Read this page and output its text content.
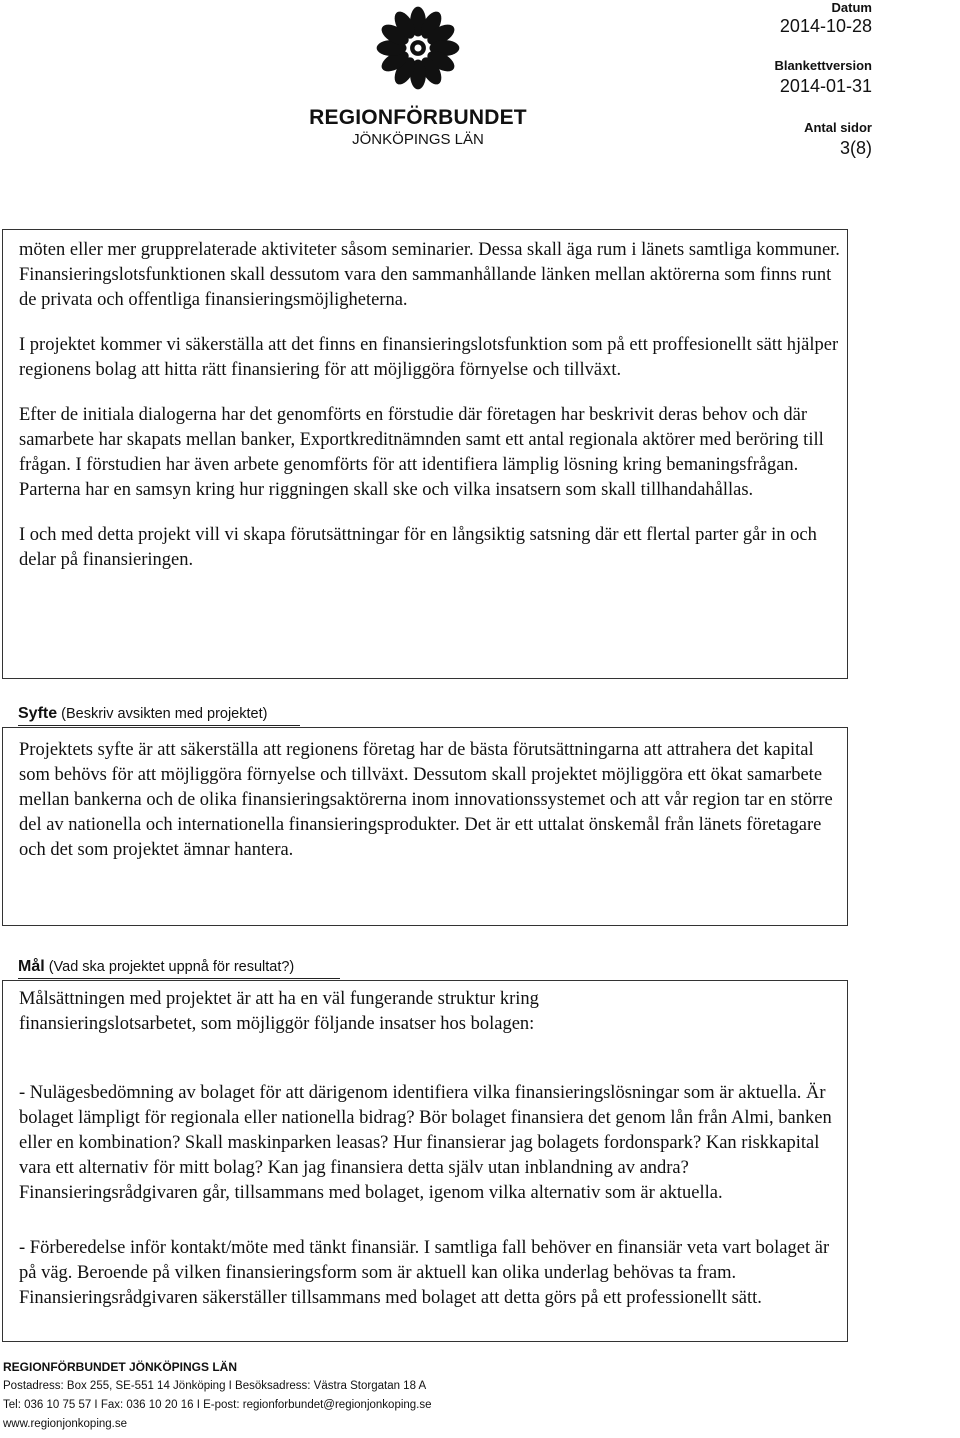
REGIONFÖRBUNDET
JÖNKÖPINGS LÄN
Datum
2014-10-28
Blankettversion
2014-01-31
Antal sidor
3(8)

möten eller mer grupprelaterade aktiviteter såsom seminarier. Dessa skall äga rum i länets samtliga kommuner. Finansieringslotsfunktionen skall dessutom vara den sammanhållande länken mellan aktörerna som finns runt de privata och offentliga finansieringsmöjligheterna.

I projektet kommer vi säkerställa att det finns en finansieringslotsfunktion som på ett proffesionellt sätt hjälper regionens bolag att hitta rätt finansiering för att möjliggöra förnyelse och tillväxt.

Efter de initiala dialogerna har det genomförts en förstudie där företagen har beskrivit deras behov och där samarbete har skapats mellan banker, Exportkreditnämnden samt ett antal regionala aktörer med beröring till frågan. I förstudien har även arbete genomförts för att identifiera lämplig lösning kring bemaningsfrågan. Parterna har en samsyn kring hur riggningen skall ske och vilka insatsern som skall tillhandahållas.

I och med detta projekt vill vi skapa förutsättningar för en långsiktig satsning där ett flertal parter går in och delar på finansieringen.

Syfte (Beskriv avsikten med projektet)

Projektets syfte är att säkerställa att regionens företag har de bästa förutsättningarna att attrahera det kapital som behövs för att möjliggöra förnyelse och tillväxt. Dessutom skall projektet möjliggöra ett ökat samarbete mellan bankerna och de olika finansieringsaktörerna inom innovationssystemet och att vår region tar en större del av nationella och internationella finansieringsprodukter. Det är ett uttalat önskemål från länets företagare och det som projektet ämnar hantera.

Mål (Vad ska projektet uppnå för resultat?)

Målsättningen med projektet är att ha en väl fungerande struktur kring finansieringslotsarbetet, som möjliggör följande insatser hos bolagen:

- Nulägesbedömning av bolaget för att därigenom identifiera vilka finansieringslösningar som är aktuella. Är bolaget lämpligt för regionala eller nationella bidrag? Bör bolaget finansiera det genom lån från Almi, banken eller en kombination? Skall maskinparken leasas? Hur finansierar jag bolagets fordonspark? Kan riskkapital vara ett alternativ för mitt bolag? Kan jag finansiera detta själv utan inblandning av andra? Finansieringsrådgivaren går, tillsammans med bolaget, igenom vilka alternativ som är aktuella.

- Förberedelse inför kontakt/möte med tänkt finansiär. I samtliga fall behöver en finansiär veta vart bolaget är på väg. Beroende på vilken finansieringsform som är aktuell kan olika underlag behövas ta fram. Finansieringsrådgivaren säkerställer tillsammans med bolaget att detta görs på ett professionellt sätt.

REGIONFÖRBUNDET JÖNKÖPINGS LÄN
Postadress: Box 255, SE-551 14 Jönköping I Besöksadress: Västra Storgatan 18 A
Tel: 036 10 75 57 I Fax: 036 10 20 16 I E-post: regionforbundet@regionjonkoping.se
www.regionjonkoping.se
